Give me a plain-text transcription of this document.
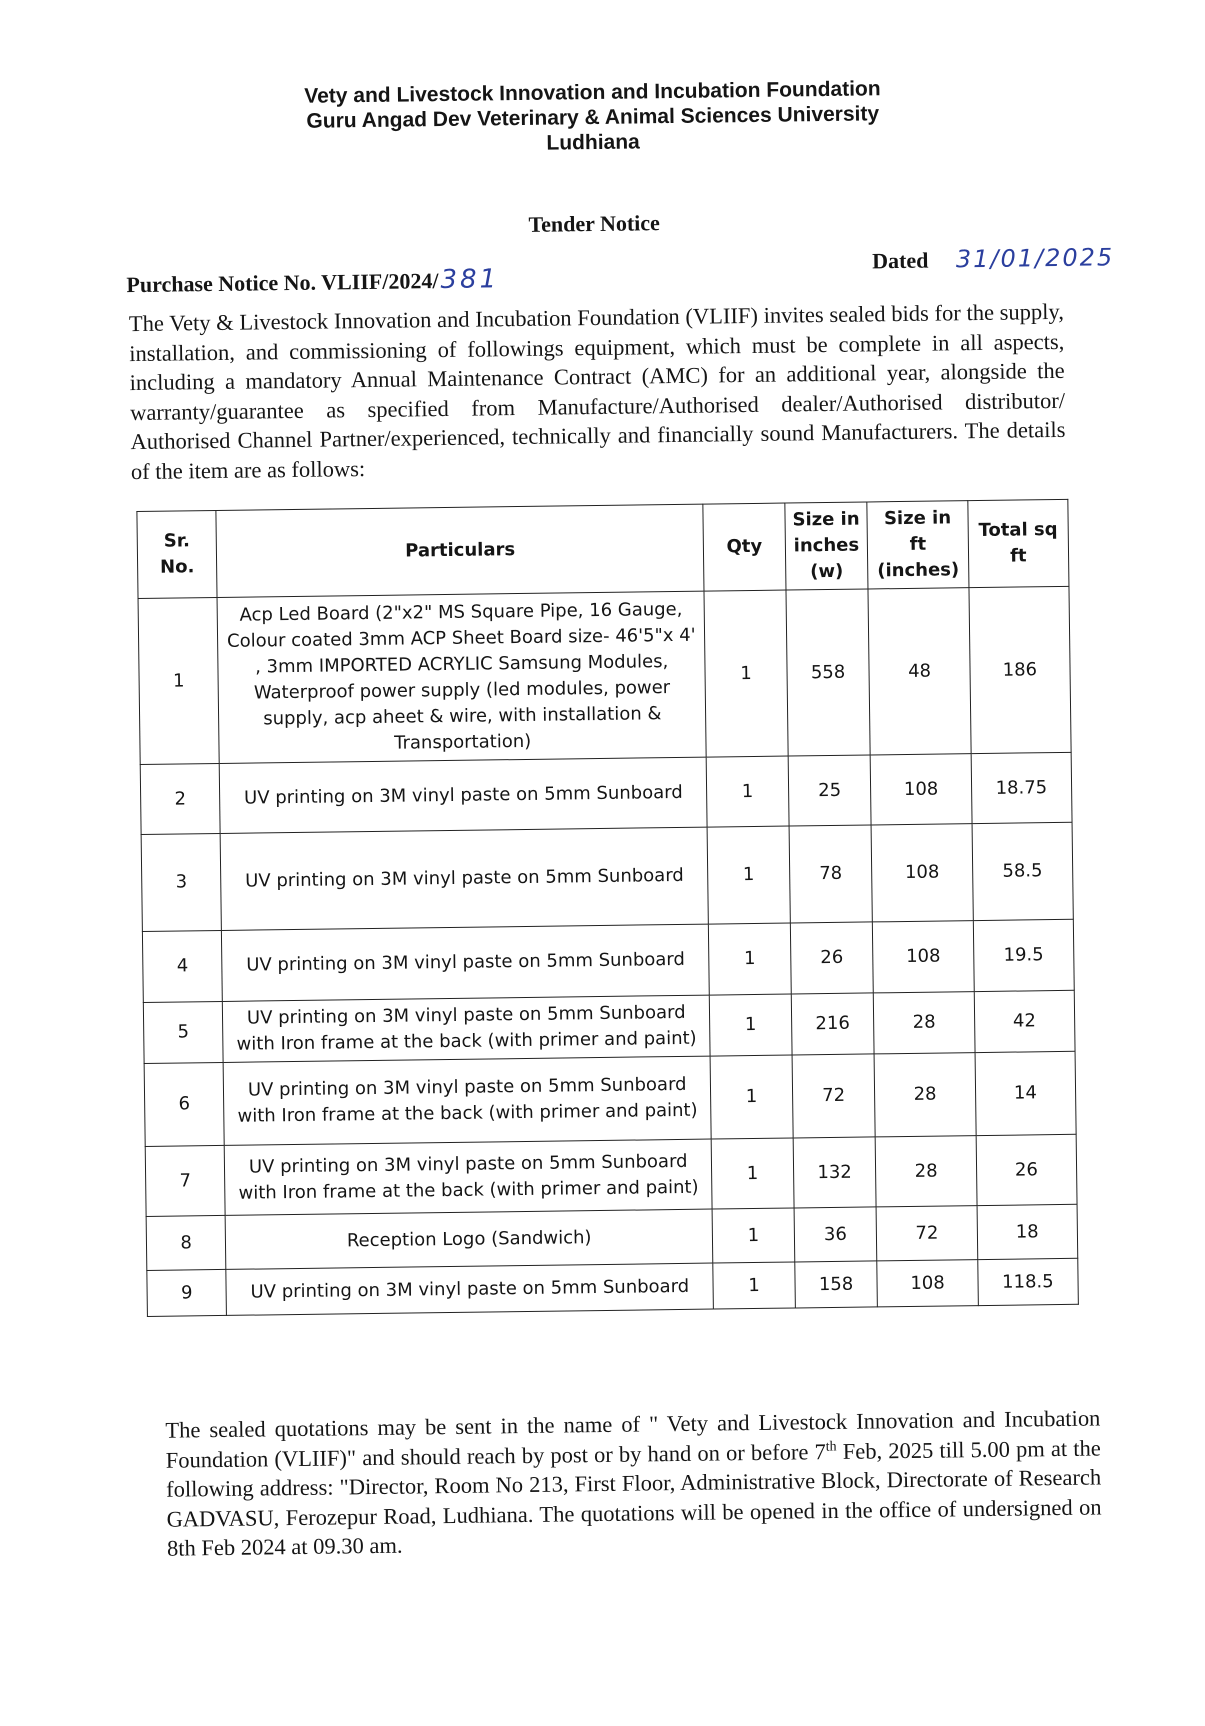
Vety and Livestock Innovation and Incubation Foundation
Guru Angad Dev Veterinary & Animal Sciences University
Ludhiana
Tender Notice
Purchase Notice No. VLIIF/2024/381
Dated 31/01/2025
The Vety & Livestock Innovation and Incubation Foundation (VLIIF) invites sealed bids for the supply, installation, and commissioning of followings equipment, which must be complete in all aspects, including a mandatory Annual Maintenance Contract (AMC) for an additional year, alongside the warranty/guarantee as specified from Manufacture/Authorised dealer/Authorised distributor/ Authorised Channel Partner/experienced, technically and financially sound Manufacturers. The details of the item are as follows:
Sr. No.	Particulars	Qty	Size in inches (w)	Size in ft (inches)	Total sq ft
1	Acp Led Board (2"x2" MS Square Pipe, 16 Gauge, Colour coated 3mm ACP Sheet Board size- 46'5"x 4' , 3mm IMPORTED ACRYLIC Samsung Modules, Waterproof power supply (led modules, power supply, acp aheet & wire, with installation & Transportation)	1	558	48	186
2	UV printing on 3M vinyl paste on 5mm Sunboard	1	25	108	18.75
3	UV printing on 3M vinyl paste on 5mm Sunboard	1	78	108	58.5
4	UV printing on 3M vinyl paste on 5mm Sunboard	1	26	108	19.5
5	UV printing on 3M vinyl paste on 5mm Sunboard with Iron frame at the back (with primer and paint)	1	216	28	42
6	UV printing on 3M vinyl paste on 5mm Sunboard with Iron frame at the back (with primer and paint)	1	72	28	14
7	UV printing on 3M vinyl paste on 5mm Sunboard with Iron frame at the back (with primer and paint)	1	132	28	26
8	Reception Logo (Sandwich)	1	36	72	18
9	UV printing on 3M vinyl paste on 5mm Sunboard	1	158	108	118.5
The sealed quotations may be sent in the name of " Vety and Livestock Innovation and Incubation Foundation (VLIIF)" and should reach by post or by hand on or before 7th Feb, 2025 till 5.00 pm at the following address: "Director, Room No 213, First Floor, Administrative Block, Directorate of Research GADVASU, Ferozepur Road, Ludhiana. The quotations will be opened in the office of undersigned on 8th Feb 2024 at 09.30 am.
